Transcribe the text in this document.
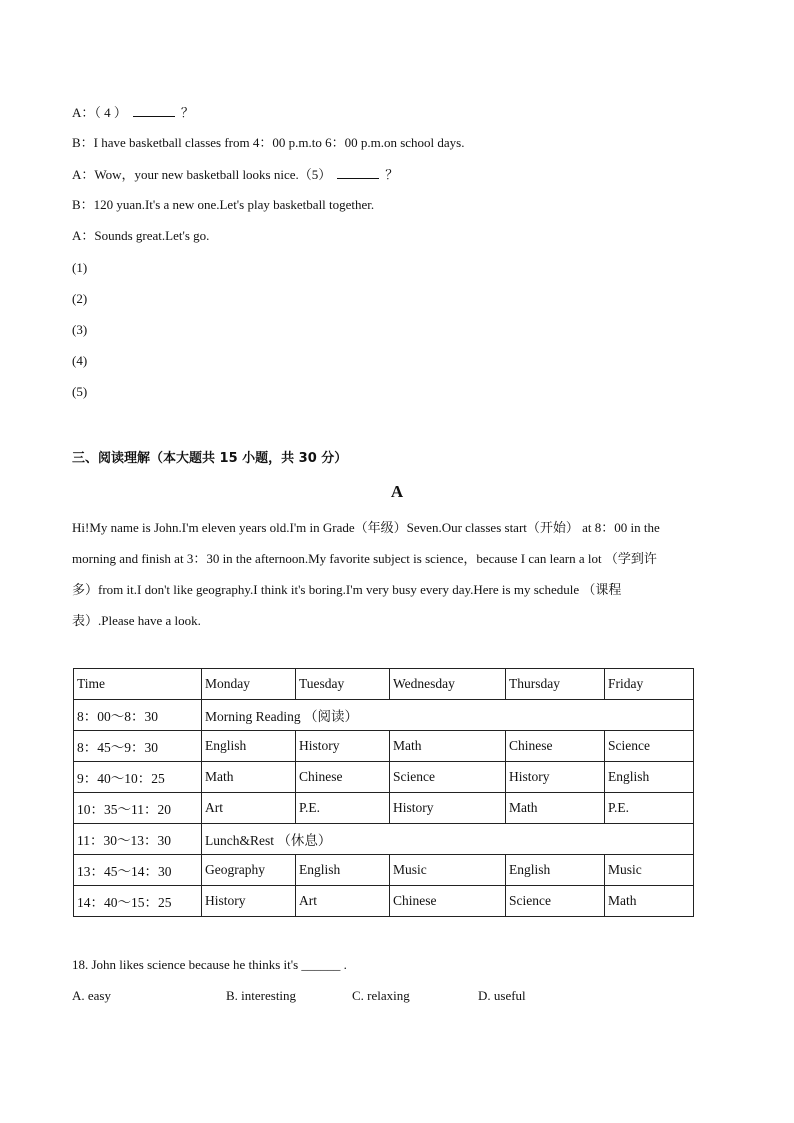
A：（ 4 ）	？
B：I have basketball classes from 4：00 p.m.to 6：00 p.m.on school days.
A：Wow，your new basketball looks nice.（5）	？
B：120 yuan.It's a new one.Let's play basketball together.
A：Sounds great.Let's go.
(1)
(2)
(3)
(4)
(5)
三、阅读理解（本大题共 15 小题，共 30 分）
A

Hi!My name is John.I'm eleven years old.I'm in Grade（年级）Seven.Our classes start（开始） at 8：00 in the

morning and finish at 3：30 in the afternoon.My favorite subject is science，because I can learn a lot （学到许

多）from it.I don't like geography.I think it's boring.I'm very busy every day.Here is my schedule （课程

表）.Please have a look.

Time	Monday	Tuesday	Wednesday	Thursday	Friday
8：00～8：30	Morning Reading （阅读）				
8：45～9：30	English	History	Math	Chinese	Science
9：40～10：25	Math	Chinese	Science	History	English
10：35～11：20	Art	P.E.	History	Math	P.E.
11：30～13：30	Lunch&Rest （休息）				
13：45～14：30	Geography	English	Music	English	Music
14：40～15：25	History	Art	Chinese	Science	Math
18. John likes science because he thinks it's ______ .
A. easy	B. interesting	C. relaxing	D. useful
